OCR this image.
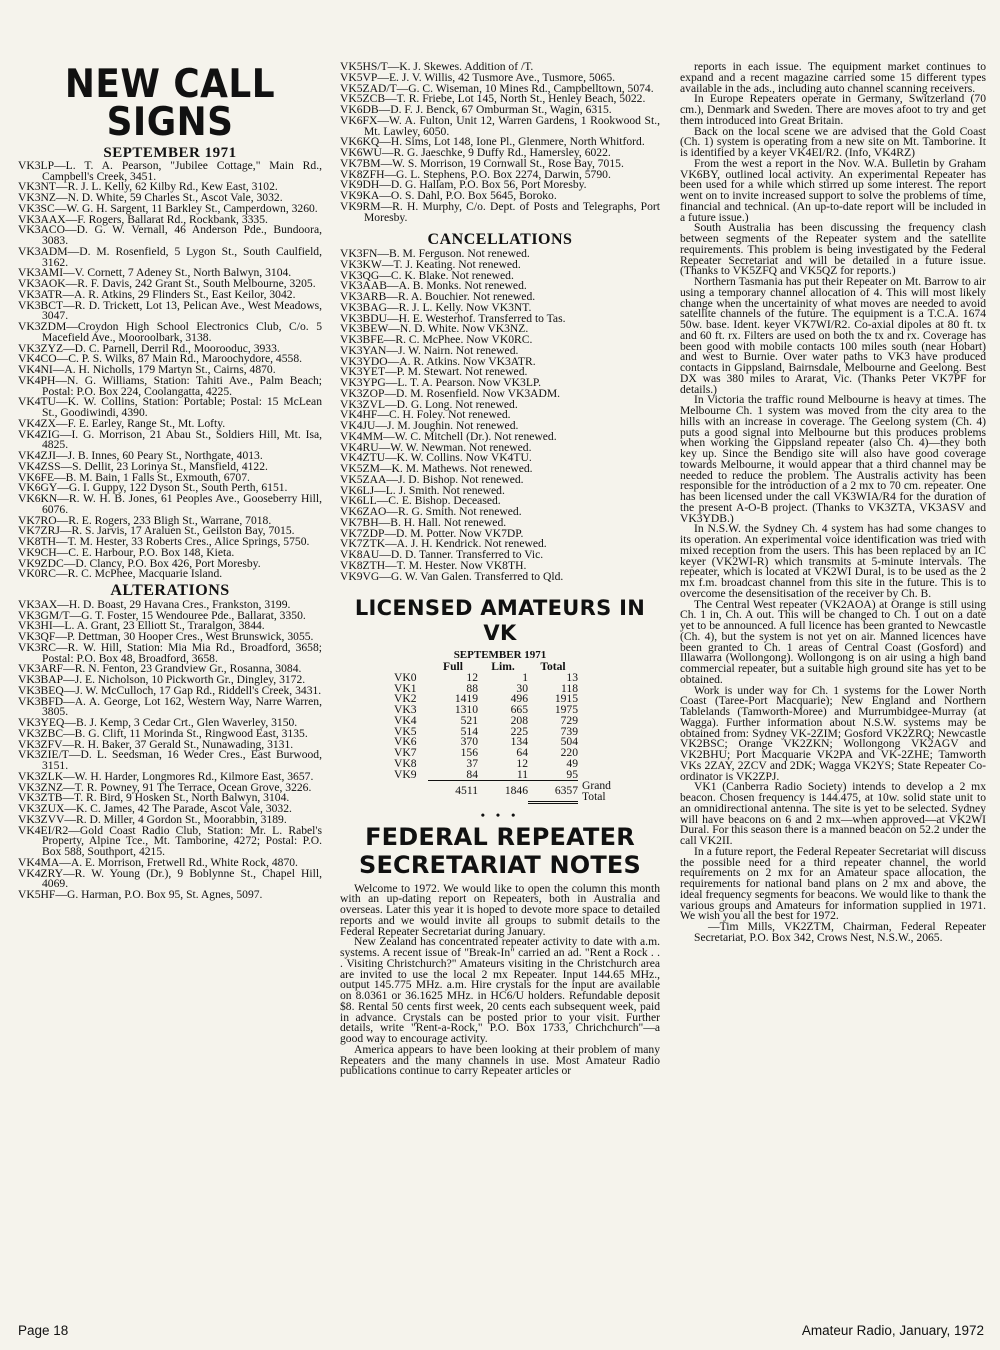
NEW CALL SIGNS
SEPTEMBER 1971

VK3LP—L. T. A. Pearson, "Jubilee Cottage," Main Rd., Campbell's Creek, 3451.

VK3NT—R. J. L. Kelly, 62 Kilby Rd., Kew East, 3102.

VK3NZ—N. D. White, 59 Charles St., Ascot Vale, 3032.

VK3SC—W. G. H. Sargent, 11 Barkley St., Camperdown, 3260.

VK3AAX—F. Rogers, Ballarat Rd., Rockbank, 3335.

VK3ACO—D. G. W. Vernall, 46 Anderson Pde., Bundoora, 3083.

VK3ADM—D. M. Rosenfield, 5 Lygon St., South Caulfield, 3162.

VK3AMI—V. Cornett, 7 Adeney St., North Balwyn, 3104.

VK3AOK—R. F. Davis, 242 Grant St., South Melbourne, 3205.

VK3ATR—A. R. Atkins, 29 Flinders St., East Keilor, 3042.

VK3BCT—R. D. Trickett, Lot 13, Pelican Ave., West Meadows, 3047.

VK3ZDM—Croydon High School Electronics Club, C/o. 5 Macefield Ave., Mooroolbark, 3138.

VK3ZYZ—D. C. Parnell, Derril Rd., Moorooduc, 3933.

VK4CO—C. P. S. Wilks, 87 Main Rd., Maroochydore, 4558.

VK4NI—A. H. Nicholls, 179 Martyn St., Cairns, 4870.

VK4PH—N. G. Williams, Station: Tahiti Ave., Palm Beach; Postal: P.O. Box 224, Coolangatta, 4225.

VK4TU—K. W. Collins, Station: Portable; Postal: 15 McLean St., Goodiwindi, 4390.

VK4ZX—F. E. Earley, Range St., Mt. Lofty.

VK4ZIG—I. G. Morrison, 21 Abau St., Soldiers Hill, Mt. Isa, 4825.

VK4ZJI—J. B. Innes, 60 Peary St., Northgate, 4013.

VK4ZSS—S. Dellit, 23 Lorinya St., Mansfield, 4122.

VK6FE—B. M. Bain, 1 Falls St., Exmouth, 6707.

VK6GY—G. I. Guppy, 122 Dyson St., South Perth, 6151.

VK6KN—R. W. H. B. Jones, 61 Peoples Ave., Gooseberry Hill, 6076.

VK7RO—R. E. Rogers, 233 Bligh St., Warrane, 7018.

VK7ZRJ—R. S. Jarvis, 17 Araluen St., Geilston Bay, 7015.

VK8TH—T. M. Hester, 33 Roberts Cres., Alice Springs, 5750.

VK9CH—C. E. Harbour, P.O. Box 148, Kieta.

VK9ZDC—D. Clancy, P.O. Box 426, Port Moresby.

VK0RC—R. C. McPhee, Macquarie Island.

ALTERATIONS

VK3AX—H. D. Boast, 29 Havana Cres., Frankston, 3199.

VK3GM/T—G. T. Foster, 15 Wendouree Pde., Ballarat, 3350.

VK3HI—L. A. Grant, 23 Elliott St., Traralgon, 3844.

VK3QF—P. Dettman, 30 Hooper Cres., West Brunswick, 3055.

VK3RC—R. W. Hill, Station: Mia Mia Rd., Broadford, 3658; Postal: P.O. Box 48, Broadford, 3658.

VK3ARF—R. N. Fenton, 23 Grandview Gr., Rosanna, 3084.

VK3BAP—J. E. Nicholson, 10 Pickworth Gr., Dingley, 3172.

VK3BEQ—J. W. McCulloch, 17 Gap Rd., Riddell's Creek, 3431.

VK3BFD—A. A. George, Lot 162, Western Way, Narre Warren, 3805.

VK3YEQ—B. J. Kemp, 3 Cedar Crt., Glen Waverley, 3150.

VK3ZBC—B. G. Clift, 11 Morinda St., Ringwood East, 3135.

VK3ZFV—R. H. Baker, 37 Gerald St., Nunawading, 3131.

VK3ZIE/T—D. L. Seedsman, 16 Weder Cres., East Burwood, 3151.

VK3ZLK—W. H. Harder, Longmores Rd., Kilmore East, 3657.

VK3ZNZ—T. R. Powney, 91 The Terrace, Ocean Grove, 3226.

VK3ZTB—T. R. Bird, 9 Hosken St., North Balwyn, 3104.

VK3ZUX—K. C. James, 42 The Parade, Ascot Vale, 3032.

VK3ZVV—R. D. Miller, 4 Gordon St., Moorabbin, 3189.

VK4EI/R2—Gold Coast Radio Club, Station: Mr. L. Rabel's Property, Alpine Tce., Mt. Tamborine, 4272; Postal: P.O. Box 588, Southport, 4215.

VK4MA—A. E. Morrison, Fretwell Rd., White Rock, 4870.

VK4ZRY—R. W. Young (Dr.), 9 Boblynne St., Chapel Hill, 4069.

VK5HF—G. Harman, P.O. Box 95, St. Agnes, 5097.

VK5HS/T—K. J. Skewes. Addition of /T.

VK5VP—E. J. V. Willis, 42 Tusmore Ave., Tusmore, 5065.

VK5ZAD/T—G. C. Wiseman, 10 Mines Rd., Campbelltown, 5074.

VK5ZCB—T. R. Friebe, Lot 145, North St., Henley Beach, 5022.

VK6DB—D. F. J. Benck, 67 Omburman St., Wagin, 6315.

VK6FX—W. A. Fulton, Unit 12, Warren Gardens, 1 Rookwood St., Mt. Lawley, 6050.

VK6KQ—H. Sims, Lot 148, Ione Pl., Glenmere, North Whitford.

VK6WU—R. G. Jaeschke, 9 Duffy Rd., Hamersley, 6022.

VK7BM—W. S. Morrison, 19 Cornwall St., Rose Bay, 7015.

VK8ZFH—G. L. Stephens, P.O. Box 2274, Darwin, 5790.

VK9DH—D. G. Hallam, P.O. Box 56, Port Moresby.

VK9KA—O. S. Dahl, P.O. Box 5645, Boroko.

VK9RM—R. H. Murphy, C/o. Dept. of Posts and Telegraphs, Port Moresby.

CANCELLATIONS

VK3FN—B. M. Ferguson. Not renewed.

VK3KW—T. J. Keating. Not renewed.

VK3QG—C. K. Blake. Not renewed.

VK3AAB—A. B. Monks. Not renewed.

VK3ARB—R. A. Bouchier. Not renewed.

VK3BAG—R. J. L. Kelly. Now VK3NT.

VK3BDU—H. E. Westerhof. Transferred to Tas.

VK3BEW—N. D. White. Now VK3NZ.

VK3BFE—R. C. McPhee. Now VK0RC.

VK3YAN—J. W. Nairn. Not renewed.

VK3YDO—A. R. Atkins. Now VK3ATR.

VK3YET—P. M. Stewart. Not renewed.

VK3YPG—L. T. A. Pearson. Now VK3LP.

VK3ZOP—D. M. Rosenfield. Now VK3ADM.

VK3ZVL—D. G. Long. Not renewed.

VK4HF—C. H. Foley. Not renewed.

VK4JU—J. M. Joughin. Not renewed.

VK4MM—W. C. Mitchell (Dr.). Not renewed.

VK4RU—W. W. Newman. Not renewed.

VK4ZTU—K. W. Collins. Now VK4TU.

VK5ZM—K. M. Mathews. Not renewed.

VK5ZAA—J. D. Bishop. Not renewed.

VK6LJ—L. J. Smith. Not renewed.

VK6LL—C. E. Bishop. Deceased.

VK6ZAO—R. G. Smith. Not renewed.

VK7BH—B. H. Hall. Not renewed.

VK7ZDP—D. M. Potter. Now VK7DP.

VK7ZTK—A. J. H. Kendrick. Not renewed.

VK8AU—D. D. Tanner. Transferred to Vic.

VK8ZTH—T. M. Hester. Now VK8TH.

VK9VG—G. W. Van Galen. Transferred to Qld.

LICENSED AMATEURS IN VK
SEPTEMBER 1971
	Full	Lim.	Total	
VK0	12	1	13	
VK1	88	30	118	
VK2	1419	496	1915	
VK3	1310	665	1975	
VK4	521	208	729	
VK5	514	225	739	
VK6	370	134	504	
VK7	156	64	220	
VK8	37	12	49	
VK9	84	11	95	
	4511	1846	6357	Grand Total
• • •
FEDERAL REPEATER SECRETARIAT NOTES

Welcome to 1972. We would like to open the column this month with an up-dating report on Repeaters, both in Australia and overseas. Later this year it is hoped to devote more space to detailed reports and we would invite all groups to submit details to the Federal Repeater Secretariat during January.

New Zealand has concentrated repeater activity to date with a.m. systems. A recent issue of "Break-In" carried an ad. "Rent a Rock . . . Visiting Christchurch?" Amateurs visiting in the Christchurch area are invited to use the local 2 mx Repeater. Input 144.65 MHz., output 145.775 MHz. a.m. Hire crystals for the input are available on 8.0361 or 36.1625 MHz. in HC6/U holders. Refundable deposit $8. Rental 50 cents first week, 20 cents each subsequent week, paid in advance. Crystals can be posted prior to your visit. Further details, write "Rent-a-Rock," P.O. Box 1733, Chrichchurch"—a good way to encourage activity.

America appears to have been looking at their problem of many Repeaters and the many channels in use. Most Amateur Radio publications continue to carry Repeater articles or

reports in each issue. The equipment market continues to expand and a recent magazine carried some 15 different types available in the ads., including auto channel scanning receivers.

In Europe Repeaters operate in Germany, Switzerland (70 cm.), Denmark and Sweden. There are moves afoot to try and get them introduced into Great Britain.

Back on the local scene we are advised that the Gold Coast (Ch. 1) system is operating from a new site on Mt. Tamborine. It is identified by a keyer VK4EI/R2. (Info, VK4RZ)

From the west a report in the Nov. W.A. Bulletin by Graham VK6BY, outlined local activity. An experimental Repeater has been used for a while which stirred up some interest. The report went on to invite increased support to solve the problems of time, financial and technical. (An up-to-date report will be included in a future issue.)

South Australia has been discussing the frequency clash between segments of the Repeater system and the satellite requirements. This problem is being investigated by the Federal Repeater Secretariat and will be detailed in a future issue. (Thanks to VK5ZFQ and VK5QZ for reports.)

Northern Tasmania has put their Repeater on Mt. Barrow to air using a temporary channel allocation of 4. This will most likely change when the uncertainity of what moves are needed to avoid satellite channels of the future. The equipment is a T.C.A. 1674 50w. base. Ident. keyer VK7WI/R2. Co-axial dipoles at 80 ft. tx and 60 ft. rx. Filters are used on both the tx and rx. Coverage has been good with mobile contacts 100 miles south (near Hobart) and west to Burnie. Over water paths to VK3 have produced contacts in Gippsland, Bairnsdale, Melbourne and Geelong. Best DX was 380 miles to Ararat, Vic. (Thanks Peter VK7PF for details.)

In Victoria the traffic round Melbourne is heavy at times. The Melbourne Ch. 1 system was moved from the city area to the hills with an increase in coverage. The Geelong system (Ch. 4) puts a good signal into Melbourne but this produces problems when working the Gippsland repeater (also Ch. 4)—they both key up. Since the Bendigo site will also have good coverage towards Melbourne, it would appear that a third channel may be needed to reduce the problem. The Australis activity has been responsible for the introduction of a 2 mx to 70 cm. repeater. One has been licensed under the call VK3WIA/R4 for the duration of the present A-O-B project. (Thanks to VK3ZTA, VK3ASV and VK3YDB.)

In N.S.W. the Sydney Ch. 4 system has had some changes to its operation. An experimental voice identification was tried with mixed reception from the users. This has been replaced by an IC keyer (VK2WI-R) which transmits at 5-minute intervals. The repeater, which is located at VK2WI Dural, is to be used as the 2 mx f.m. broadcast channel from this site in the future. This is to overcome the desensitisation of the receiver by Ch. B.

The Central West repeater (VK2AOA) at Orange is still using Ch. 1 in, Ch. A out. This will be changed to Ch. 1 out on a date yet to be announced. A full licence has been granted to Newcastle (Ch. 4), but the system is not yet on air. Manned licences have been granted to Ch. 1 areas of Central Coast (Gosford) and Illawarra (Wollongong). Wollongong is on air using a high band commercial repeater, but a suitable high ground site has yet to be obtained.

Work is under way for Ch. 1 systems for the Lower North Coast (Taree-Port Macquarie); New England and Northern Tablelands (Tamworth-Moree) and Murrumbidgee-Murray (at Wagga). Further information about N.S.W. systems may be obtained from: Sydney VK-2ZIM; Gosford VK2ZRQ; Newcastle VK2BSC; Orange VK2ZKN; Wollongong VK2AGV and VK2BHU; Port Macquarie VK2PA and VK-2ZHE; Tamworth VKs 2ZAY, 2ZCV and 2DK; Wagga VK2YS; State Repeater Co-ordinator is VK2ZPJ.

VK1 (Canberra Radio Society) intends to develop a 2 mx beacon. Chosen frequency is 144.475, at 10w. solid state unit to an omnidirectional antenna. The site is yet to be selected. Sydney will have beacons on 6 and 2 mx—when approved—at VK2WI Dural. For this season there is a manned beacon on 52.2 under the call VK2II.

In a future report, the Federal Repeater Secretariat will discuss the possible need for a third repeater channel, the world requirements on 2 mx for an Amateur space allocation, the requirements for national band plans on 2 mx and above, the ideal frequency segments for beacons. We would like to thank the various groups and Amateurs for information supplied in 1971. We wish you all the best for 1972.

—Tim Mills, VK2ZTM, Chairman, Federal Repeater Secretariat, P.O. Box 342, Crows Nest, N.S.W., 2065.

Page 18	Amateur Radio, January, 1972
